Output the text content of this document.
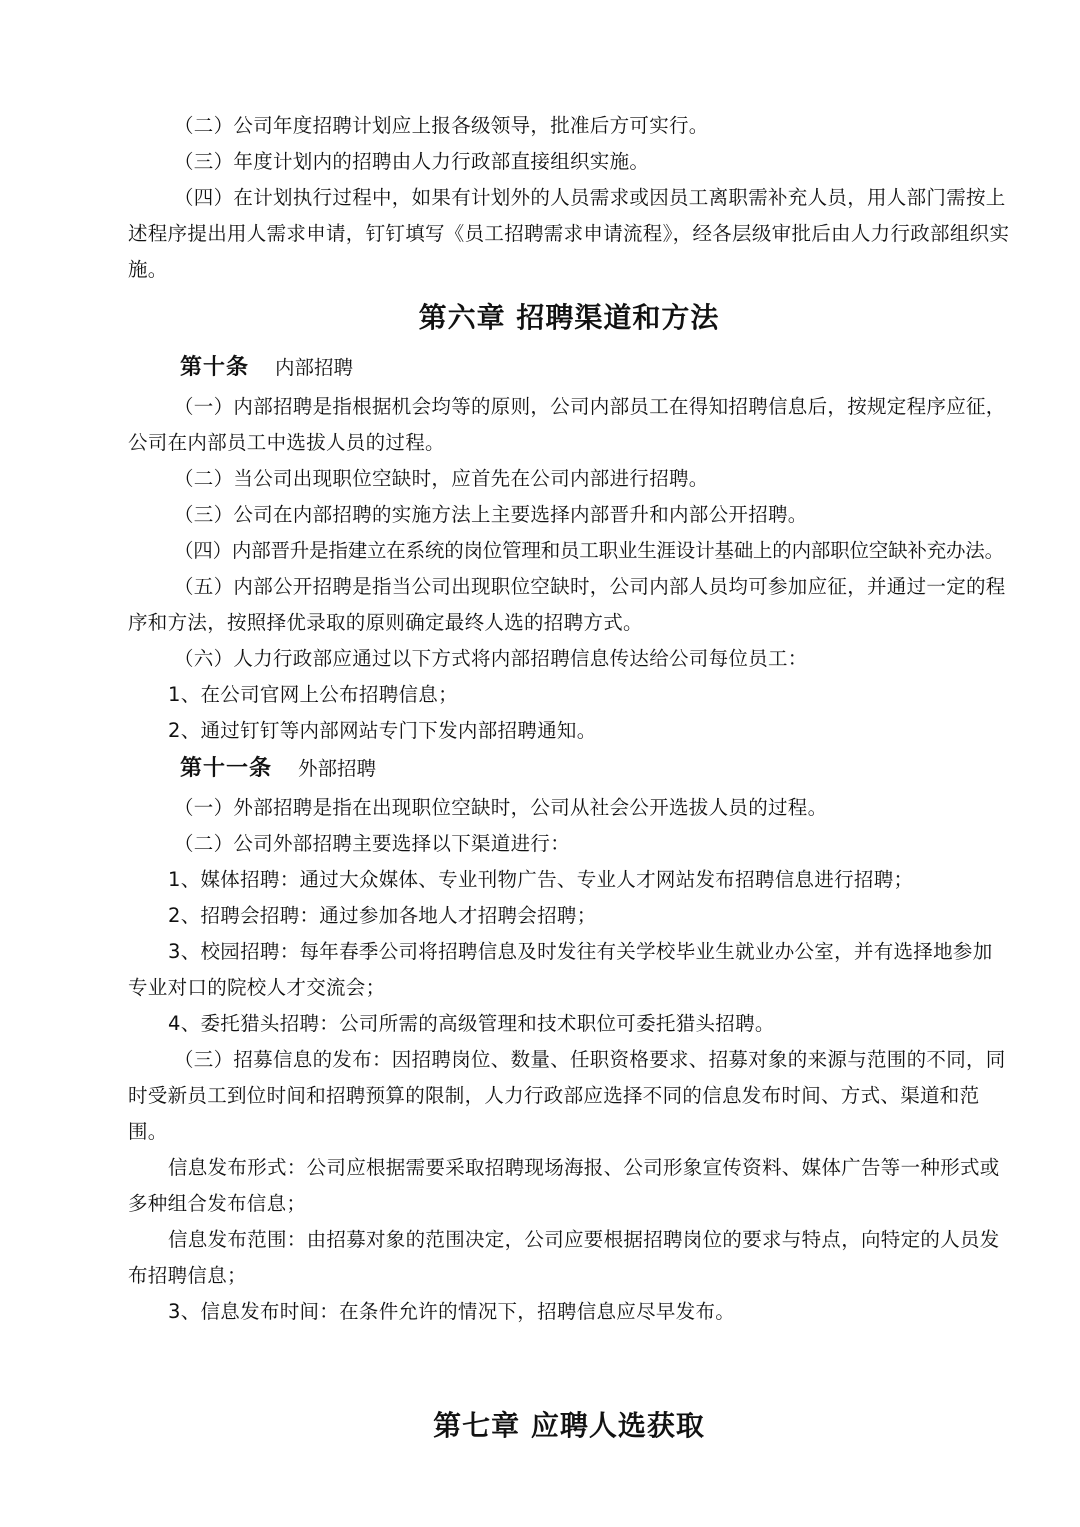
（二）公司年度招聘计划应上报各级领导，批准后方可实行。

（三）年度计划内的招聘由人力行政部直接组织实施。

（四）在计划执行过程中，如果有计划外的人员需求或因员工离职需补充人员，用人部门需按上述程序提出用人需求申请，钉钉填写《员工招聘需求申请流程》，经各层级审批后由人力行政部组织实施。

第六章 招聘渠道和方法
第十条 内部招聘

（一）内部招聘是指根据机会均等的原则，公司内部员工在得知招聘信息后，按规定程序应征，公司在内部员工中选拔人员的过程。

（二）当公司出现职位空缺时，应首先在公司内部进行招聘。

（三）公司在内部招聘的实施方法上主要选择内部晋升和内部公开招聘。

（四）内部晋升是指建立在系统的岗位管理和员工职业生涯设计基础上的内部职位空缺补充办法。

（五）内部公开招聘是指当公司出现职位空缺时，公司内部人员均可参加应征，并通过一定的程序和方法，按照择优录取的原则确定最终人选的招聘方式。

（六）人力行政部应通过以下方式将内部招聘信息传达给公司每位员工：

1、在公司官网上公布招聘信息；

2、通过钉钉等内部网站专门下发内部招聘通知。

第十一条 外部招聘

（一）外部招聘是指在出现职位空缺时，公司从社会公开选拔人员的过程。

（二）公司外部招聘主要选择以下渠道进行：

1、媒体招聘：通过大众媒体、专业刊物广告、专业人才网站发布招聘信息进行招聘；

2、招聘会招聘：通过参加各地人才招聘会招聘；

3、校园招聘：每年春季公司将招聘信息及时发往有关学校毕业生就业办公室，并有选择地参加专业对口的院校人才交流会；

4、委托猎头招聘：公司所需的高级管理和技术职位可委托猎头招聘。

（三）招募信息的发布：因招聘岗位、数量、任职资格要求、招募对象的来源与范围的不同，同时受新员工到位时间和招聘预算的限制，人力行政部应选择不同的信息发布时间、方式、渠道和范围。

信息发布形式：公司应根据需要采取招聘现场海报、公司形象宣传资料、媒体广告等一种形式或多种组合发布信息；

信息发布范围：由招募对象的范围决定，公司应要根据招聘岗位的要求与特点，向特定的人员发布招聘信息；

3、信息发布时间：在条件允许的情况下，招聘信息应尽早发布。

第七章 应聘人选获取
